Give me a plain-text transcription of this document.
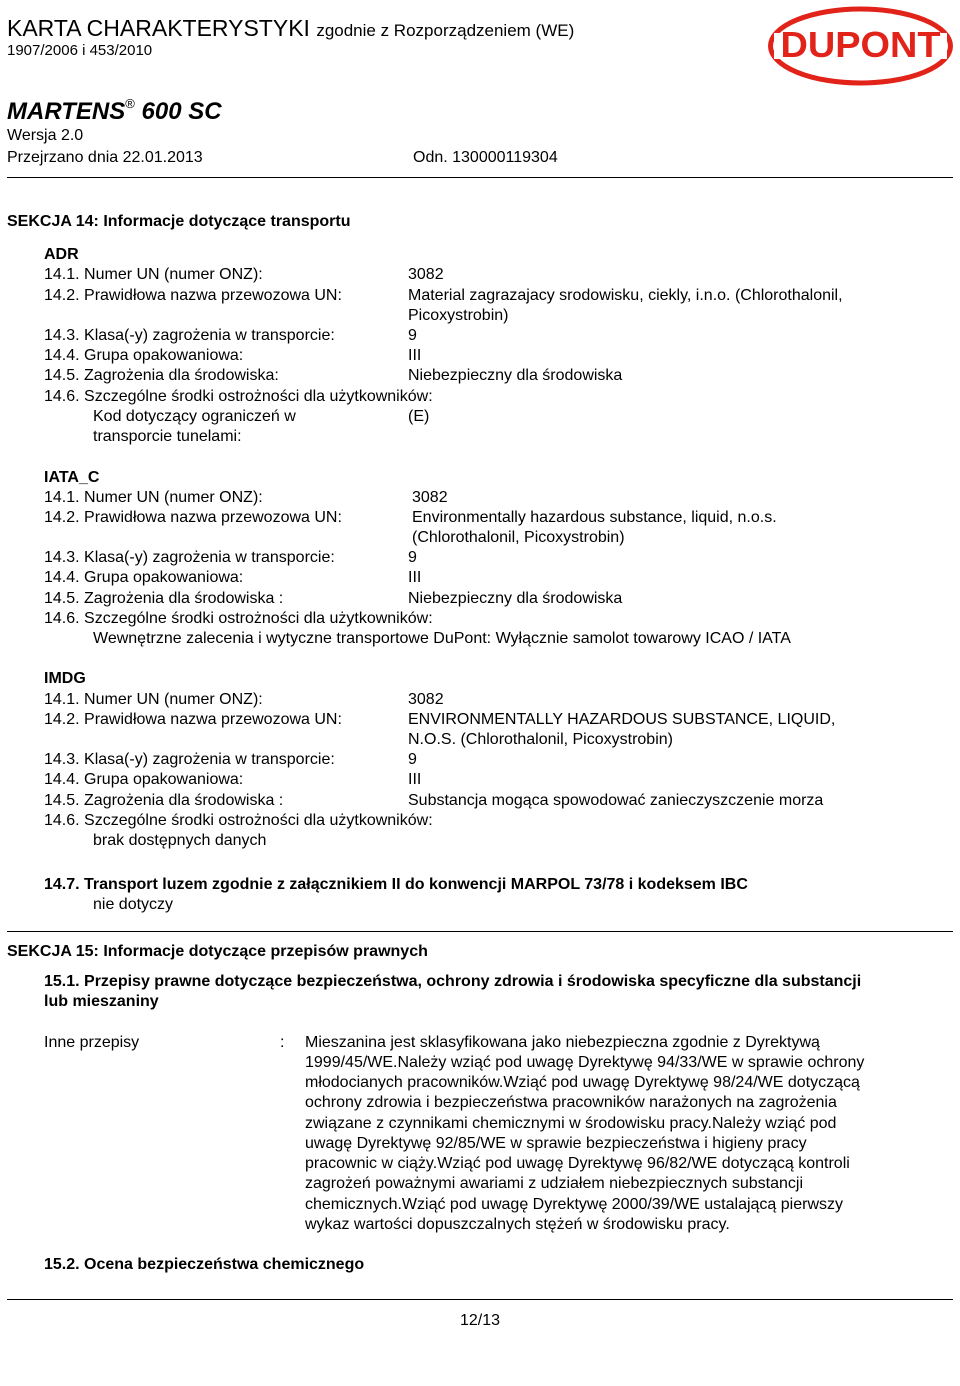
KARTA CHARAKTERYSTYKI zgodnie z Rozporządzeniem (WE)
1907/2006 i 453/2010	DUPONT
MARTENS® 600 SC
Wersja 2.0
Przejrzano dnia 22.01.2013	Odn. 130000119304
SEKCJA 14: Informacje dotyczące transportu
ADR
14.1. Numer UN (numer ONZ):	3082
14.2. Prawidłowa nazwa przewozowa UN:	Material zagrazajacy srodowisku, ciekly, i.n.o. (Chlorothalonil,
Picoxystrobin)
14.3. Klasa(-y) zagrożenia w transporcie:	9
14.4. Grupa opakowaniowa:	III
14.5. Zagrożenia dla środowiska:	Niebezpieczny dla środowiska
14.6. Szczególne środki ostrożności dla użytkowników:
Kod dotyczący ograniczeń w	(E)
transporcie tunelami:
IATA_C
14.1. Numer UN (numer ONZ):	3082
14.2. Prawidłowa nazwa przewozowa UN:	Environmentally hazardous substance, liquid, n.o.s.
(Chlorothalonil, Picoxystrobin)
14.3. Klasa(-y) zagrożenia w transporcie:	9
14.4. Grupa opakowaniowa:	III
14.5. Zagrożenia dla środowiska :	Niebezpieczny dla środowiska
14.6. Szczególne środki ostrożności dla użytkowników:
Wewnętrzne zalecenia i wytyczne transportowe DuPont: Wyłącznie samolot towarowy ICAO / IATA
IMDG
14.1. Numer UN (numer ONZ):	3082
14.2. Prawidłowa nazwa przewozowa UN:	ENVIRONMENTALLY HAZARDOUS SUBSTANCE, LIQUID,
N.O.S. (Chlorothalonil, Picoxystrobin)
14.3. Klasa(-y) zagrożenia w transporcie:	9
14.4. Grupa opakowaniowa:	III
14.5. Zagrożenia dla środowiska :	Substancja mogąca spowodować zanieczyszczenie morza
14.6. Szczególne środki ostrożności dla użytkowników:
brak dostępnych danych
14.7. Transport luzem zgodnie z załącznikiem II do konwencji MARPOL 73/78 i kodeksem IBC
nie dotyczy
SEKCJA 15: Informacje dotyczące przepisów prawnych
15.1. Przepisy prawne dotyczące bezpieczeństwa, ochrony zdrowia i środowiska specyficzne dla substancji
lub mieszaniny
Inne przepisy	: Mieszanina jest sklasyfikowana jako niebezpieczna zgodnie z Dyrektywą
1999/45/WE.Należy wziąć pod uwagę Dyrektywę 94/33/WE w sprawie ochrony
młodocianych pracowników.Wziąć pod uwagę Dyrektywę 98/24/WE dotyczącą
ochrony zdrowia i bezpieczeństwa pracowników narażonych na zagrożenia
związane z czynnikami chemicznymi w środowisku pracy.Należy wziąć pod
uwagę Dyrektywę 92/85/WE w sprawie bezpieczeństwa i higieny pracy
pracownic w ciąży.Wziąć pod uwagę Dyrektywę 96/82/WE dotyczącą kontroli
zagrożeń poważnymi awariami z udziałem niebezpiecznych substancji
chemicznych.Wziąć pod uwagę Dyrektywę 2000/39/WE ustalającą pierwszy
wykaz wartości dopuszczalnych stężeń w środowisku pracy.
15.2. Ocena bezpieczeństwa chemicznego
12/13
